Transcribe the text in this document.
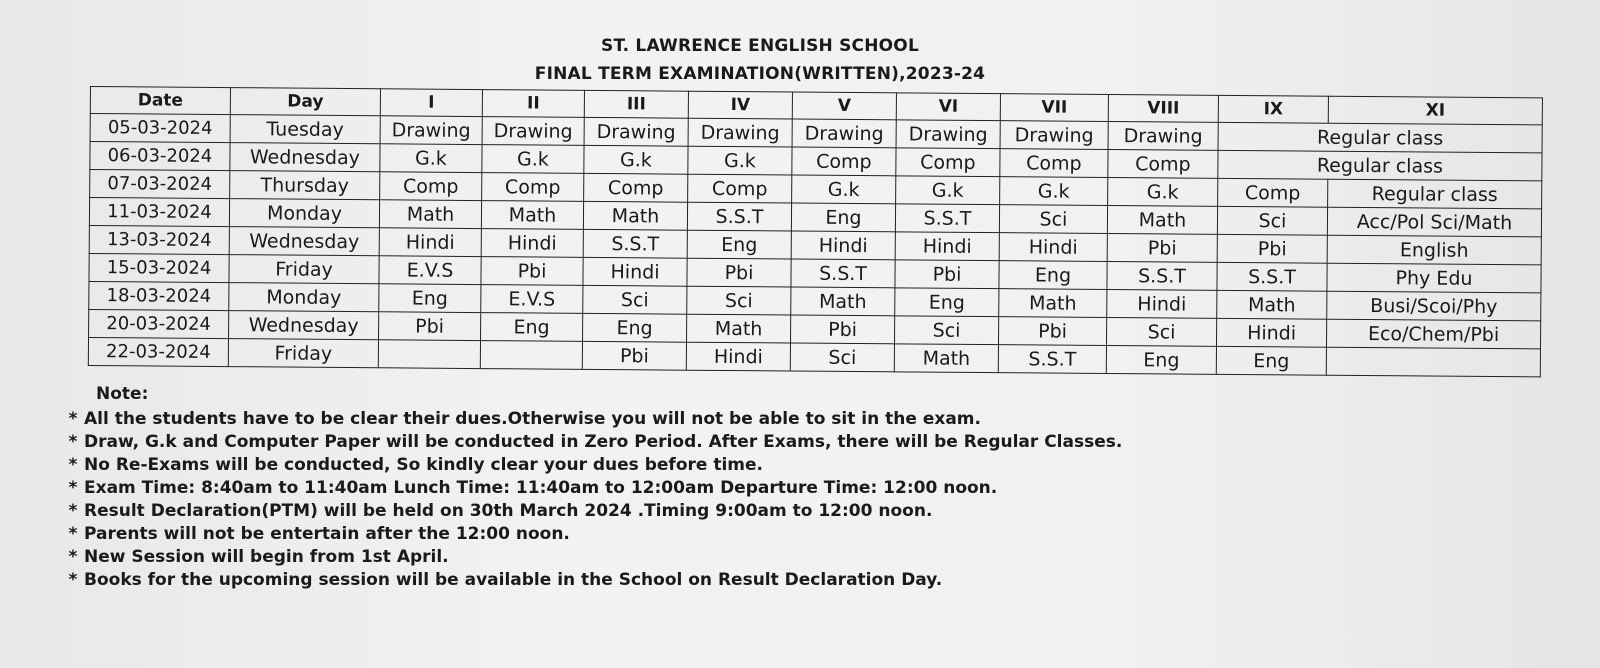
ST. LAWRENCE ENGLISH SCHOOL
FINAL TERM EXAMINATION(WRITTEN),2023-24
Date	Day	I	II	III	IV	V	VI	VII	VIII	IX	XI
05-03-2024	Tuesday	Drawing	Drawing	Drawing	Drawing	Drawing	Drawing	Drawing	Drawing	Regular class	
06-03-2024	Wednesday	G.k	G.k	G.k	G.k	Comp	Comp	Comp	Comp	Regular class	
07-03-2024	Thursday	Comp	Comp	Comp	Comp	G.k	G.k	G.k	G.k	Comp	Regular class
11-03-2024	Monday	Math	Math	Math	S.S.T	Eng	S.S.T	Sci	Math	Sci	Acc/Pol Sci/Math
13-03-2024	Wednesday	Hindi	Hindi	S.S.T	Eng	Hindi	Hindi	Hindi	Pbi	Pbi	English
15-03-2024	Friday	E.V.S	Pbi	Hindi	Pbi	S.S.T	Pbi	Eng	S.S.T	S.S.T	Phy Edu
18-03-2024	Monday	Eng	E.V.S	Sci	Sci	Math	Eng	Math	Hindi	Math	Busi/Scoi/Phy
20-03-2024	Wednesday	Pbi	Eng	Eng	Math	Pbi	Sci	Pbi	Sci	Hindi	Eco/Chem/Pbi
22-03-2024	Friday			Pbi	Hindi	Sci	Math	S.S.T	Eng	Eng	
Note:
* All the students have to be clear their dues.Otherwise you will not be able to sit in the exam.
* Draw, G.k and Computer Paper will be conducted in Zero Period. After Exams, there will be Regular Classes.
* No Re-Exams will be conducted, So kindly clear your dues before time.
* Exam Time: 8:40am to 11:40am Lunch Time: 11:40am to 12:00am Departure Time: 12:00 noon.
* Result Declaration(PTM) will be held on 30th March 2024 .Timing 9:00am to 12:00 noon.
* Parents will not be entertain after the 12:00 noon.
* New Session will begin from 1st April.
* Books for the upcoming session will be available in the School on Result Declaration Day.
